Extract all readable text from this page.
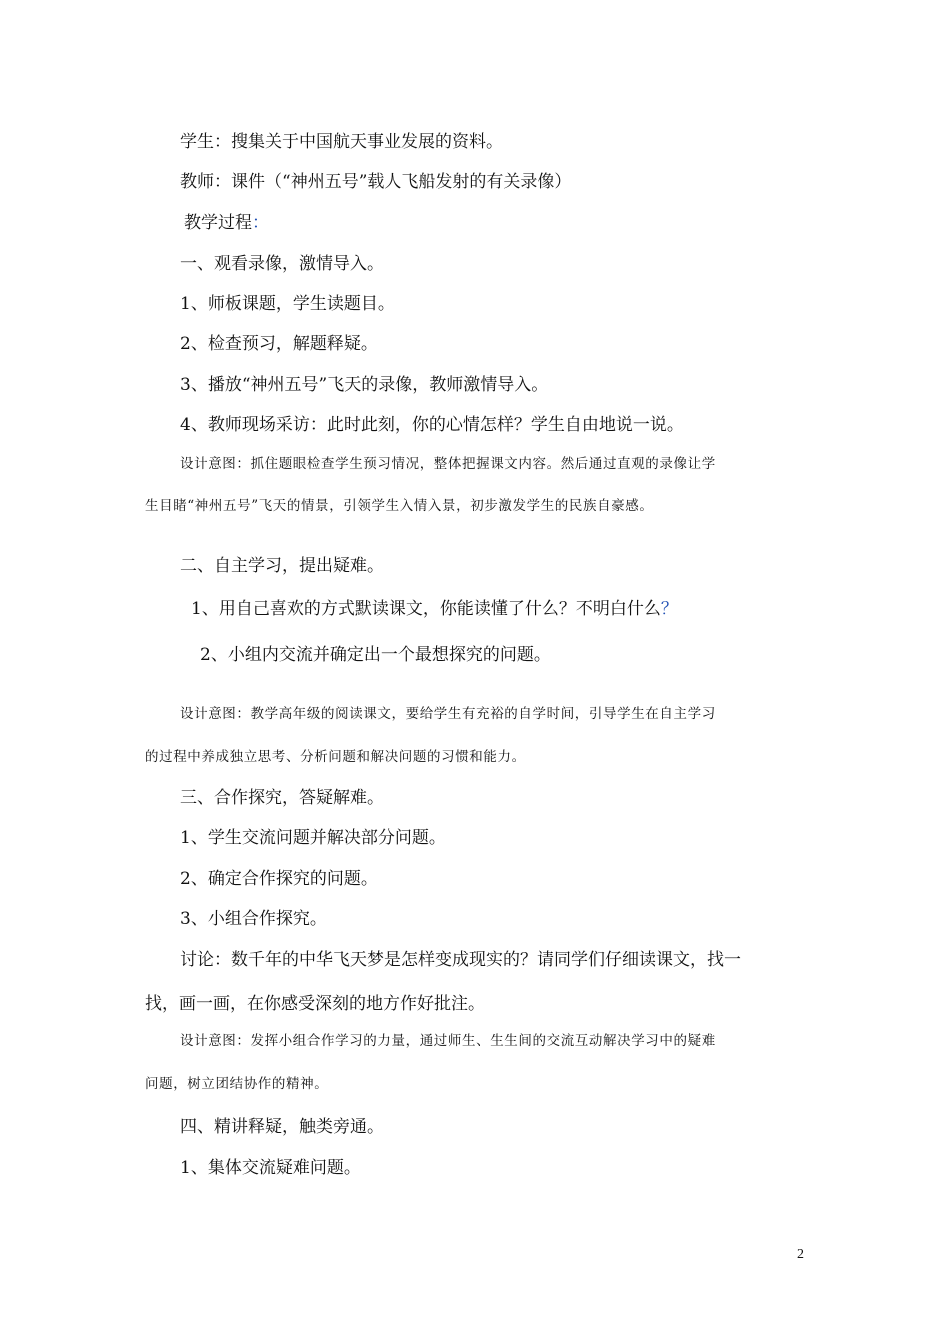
学生：搜集关于中国航天事业发展的资料。
教师：课件（“神州五号”载人飞船发射的有关录像）
教学过程：
一、观看录像，激情导入。
1、师板课题，学生读题目。
2、检查预习，解题释疑。
3、播放“神州五号”飞天的录像，教师激情导入。
4、教师现场采访：此时此刻，你的心情怎样？学生自由地说一说。
设计意图：抓住题眼检查学生预习情况，整体把握课文内容。然后通过直观的录像让学
生目睹“神州五号”飞天的情景，引领学生入情入景，初步激发学生的民族自豪感。
二、自主学习，提出疑难。
1、用自己喜欢的方式默读课文，你能读懂了什么？不明白什么？
2、小组内交流并确定出一个最想探究的问题。
设计意图：教学高年级的阅读课文，要给学生有充裕的自学时间，引导学生在自主学习
的过程中养成独立思考、分析问题和解决问题的习惯和能力。
三、合作探究，答疑解难。
1、学生交流问题并解决部分问题。
2、确定合作探究的问题。
3、小组合作探究。
讨论：数千年的中华飞天梦是怎样变成现实的？请同学们仔细读课文，找一
找，画一画，在你感受深刻的地方作好批注。
设计意图：发挥小组合作学习的力量，通过师生、生生间的交流互动解决学习中的疑难
问题，树立团结协作的精神。
四、精讲释疑，触类旁通。
1、集体交流疑难问题。
2
